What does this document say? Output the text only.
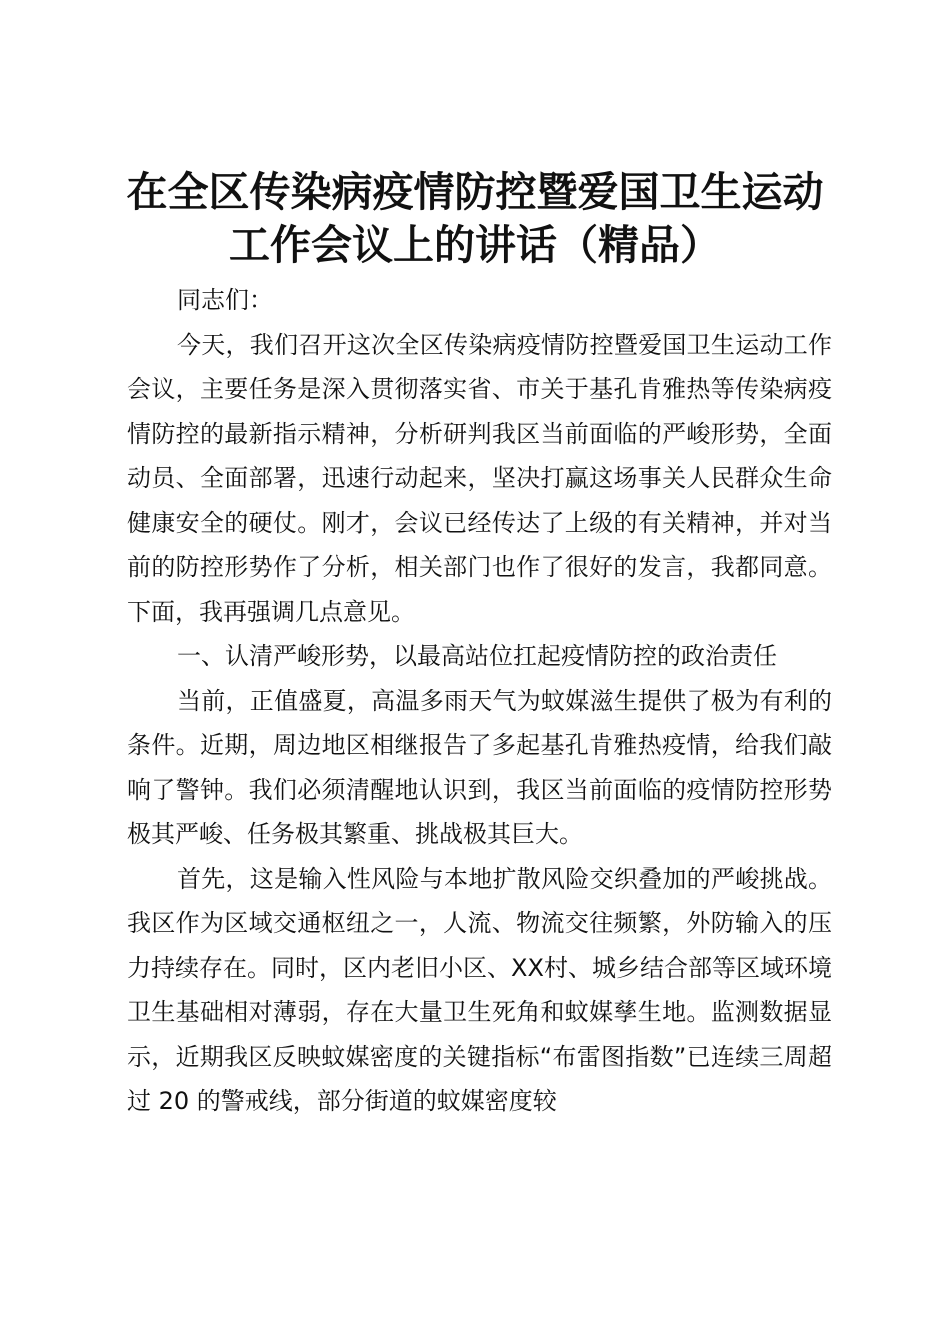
在全区传染病疫情防控暨爱国卫生运动
工作会议上的讲话（精品）

同志们：

今天，我们召开这次全区传染病疫情防控暨爱国卫生运动工作会议，主要任务是深入贯彻落实省、市关于基孔肯雅热等传染病疫情防控的最新指示精神，分析研判我区当前面临的严峻形势，全面动员、全面部署，迅速行动起来，坚决打赢这场事关人民群众生命健康安全的硬仗。刚才，会议已经传达了上级的有关精神，并对当前的防控形势作了分析，相关部门也作了很好的发言，我都同意。下面，我再强调几点意见。

一、认清严峻形势，以最高站位扛起疫情防控的政治责任

当前，正值盛夏，高温多雨天气为蚊媒滋生提供了极为有利的条件。近期，周边地区相继报告了多起基孔肯雅热疫情，给我们敲响了警钟。我们必须清醒地认识到，我区当前面临的疫情防控形势极其严峻、任务极其繁重、挑战极其巨大。

首先，这是输入性风险与本地扩散风险交织叠加的严峻挑战。我区作为区域交通枢纽之一，人流、物流交往频繁，外防输入的压力持续存在。同时，区内老旧小区、XX村、城乡结合部等区域环境卫生基础相对薄弱，存在大量卫生死角和蚊媒孳生地。监测数据显示，近期我区反映蚊媒密度的关键指标“布雷图指数”已连续三周超过 20 的警戒线，部分街道的蚊媒密度较
